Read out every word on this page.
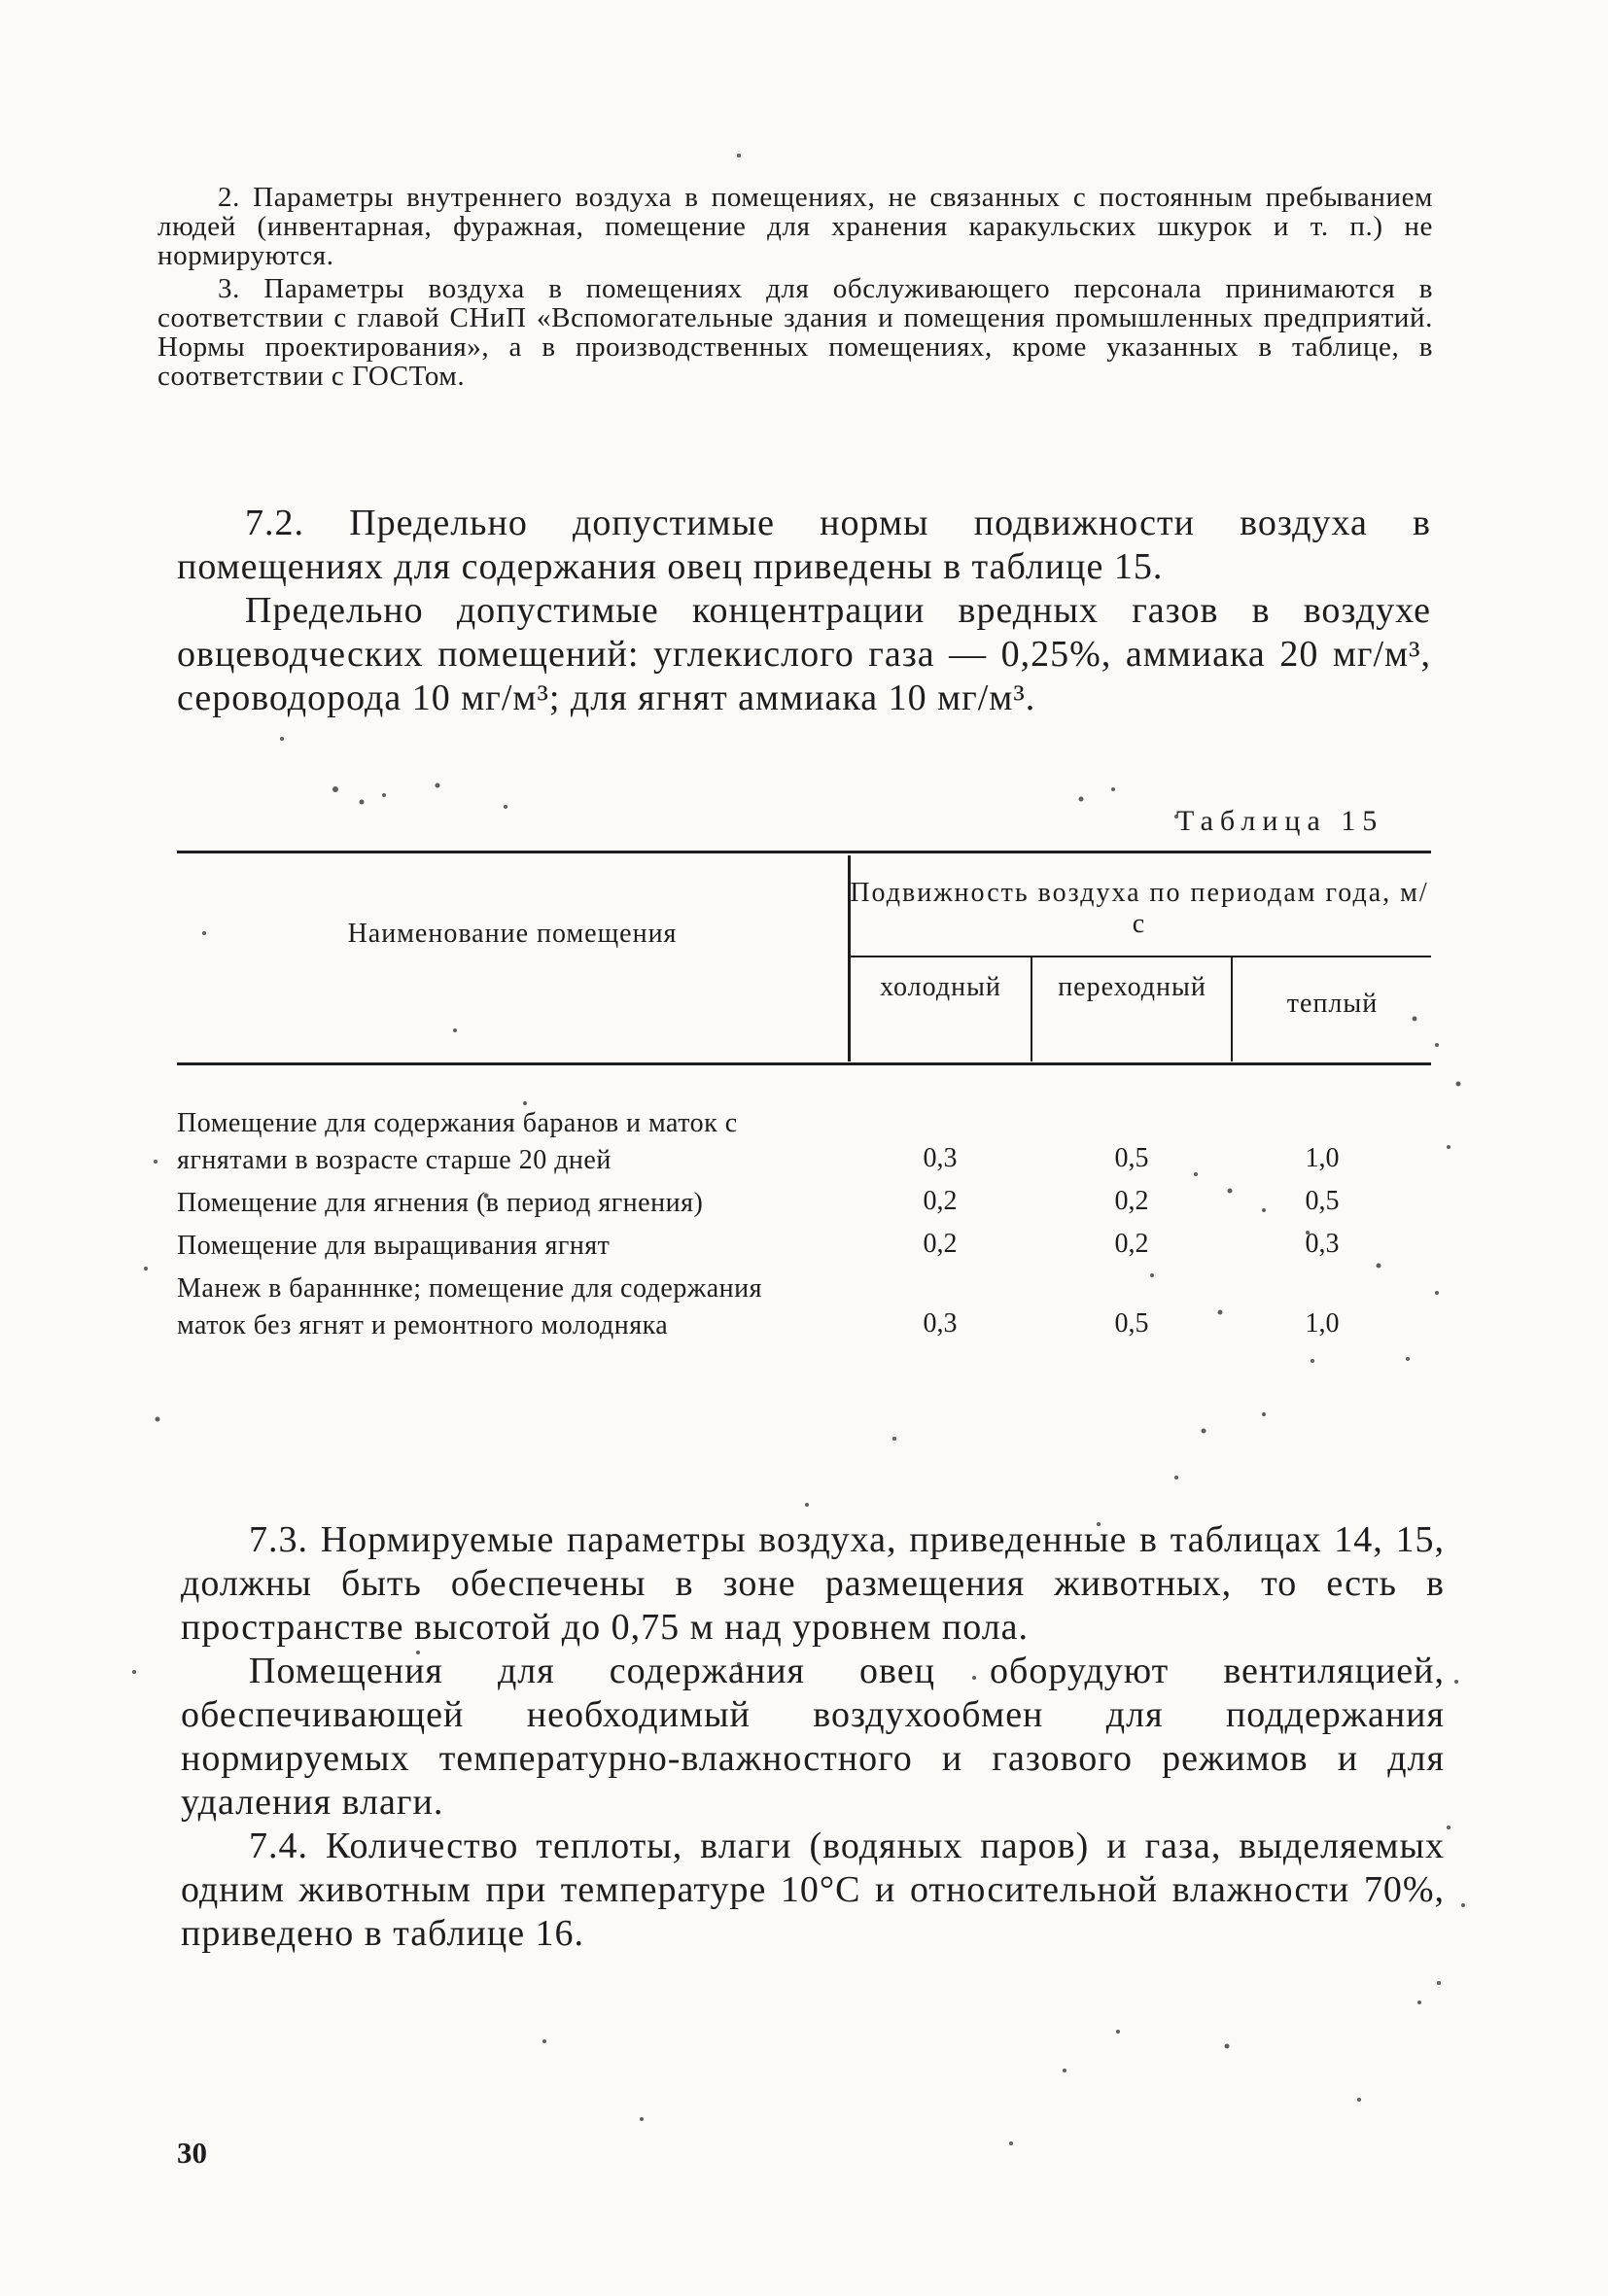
2. Параметры внутреннего воздуха в помещениях, не связанных с постоянным пребыванием людей (инвентарная, фуражная, помещение для хранения каракульских шкурок и т. п.) не нормируются.

3. Параметры воздуха в помещениях для обслуживающего персонала принимаются в соответствии с главой СНиП «Вспомогательные здания и помещения промышленных предприятий. Нормы проектирования», а в производственных помещениях, кроме указанных в таблице, в соответствии с ГОСТом.

7.2. Предельно допустимые нормы подвижности воздуха в помещениях для содержания овец приведены в таблице 15.

Предельно допустимые концентрации вредных газов в воздухе овцеводческих помещений: углекислого газа — 0,25%, аммиака 20 мг/м³, сероводорода 10 мг/м³; для ягнят аммиака 10 мг/м³.

Таблица 15
Наименование помещения
Подвижность воздуха по периодам года, м/с
холодный	переходный
теплый
Помещение для содержания баранов и маток с ягнятами в возрасте старше 20 дней	0,3	0,5	1,0
Помещение для ягнения (в период ягнения)	0,2	0,2	0,5
Помещение для выращивания ягнят	0,2	0,2	0,3
Манеж в баранннке; помещение для содержания маток без ягнят и ремонтного молодняка	0,3	0,5	1,0

7.3. Нормируемые параметры воздуха, приведенные в таблицах 14, 15, должны быть обеспечены в зоне размещения животных, то есть в пространстве высотой до 0,75 м над уровнем пола.

Помещения для содержания овец оборудуют вентиляцией, обеспечивающей необходимый воздухообмен для поддержания нормируемых температурно-влажностного и газового режимов и для удаления влаги.

7.4. Количество теплоты, влаги (водяных паров) и газа, выделяемых одним животным при температуре 10°С и относительной влажности 70%, приведено в таблице 16.

30
